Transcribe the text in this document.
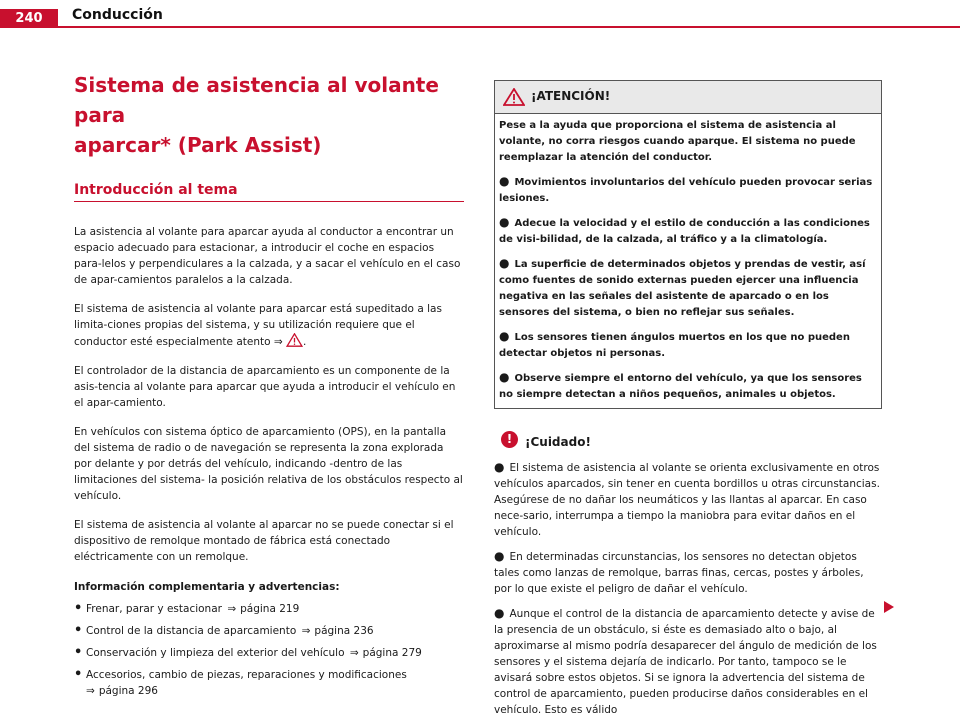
240	Conducción
Sistema de asistencia al volante para
aparcar* (Park Assist)
Introducción al tema

La asistencia al volante para aparcar ayuda al conductor a encontrar un espacio adecuado para estacionar, a introducir el coche en espacios para-lelos y perpendiculares a la calzada, y a sacar el vehículo en el caso de apar-camientos paralelos a la calzada.

El sistema de asistencia al volante para aparcar está supeditado a las limita-ciones propias del sistema, y su utilización requiere que el conductor esté especialmente atento ⇒ .

El controlador de la distancia de aparcamiento es un componente de la asis-tencia al volante para aparcar que ayuda a introducir el vehículo en el apar-camiento.

En vehículos con sistema óptico de aparcamiento (OPS), en la pantalla del sistema de radio o de navegación se representa la zona explorada por delante y por detrás del vehículo, indicando -dentro de las limitaciones del sistema- la posición relativa de los obstáculos respecto al vehículo.

El sistema de asistencia al volante al aparcar no se puede conectar si el dispositivo de remolque montado de fábrica está conectado eléctricamente con un remolque.

Información complementaria y advertencias:

• Frenar, parar y estacionar ⇒ página 219
• Control de la distancia de aparcamiento ⇒ página 236
• Conservación y limpieza del exterior del vehículo ⇒ página 279
• Accesorios, cambio de piezas, reparaciones y modificaciones
⇒ página 296
¡ATENCIÓN!

Pese a la ayuda que proporciona el sistema de asistencia al volante, no corra riesgos cuando aparque. El sistema no puede reemplazar la atención del conductor.

● Movimientos involuntarios del vehículo pueden provocar serias lesiones.

● Adecue la velocidad y el estilo de conducción a las condiciones de visi-bilidad, de la calzada, al tráfico y a la climatología.

● La superficie de determinados objetos y prendas de vestir, así como fuentes de sonido externas pueden ejercer una influencia negativa en las señales del asistente de aparcado o en los sensores del sistema, o bien no reflejar sus señales.

● Los sensores tienen ángulos muertos en los que no pueden detectar objetos ni personas.

● Observe siempre el entorno del vehículo, ya que los sensores no siempre detectan a niños pequeños, animales u objetos.

!	¡Cuidado!

● El sistema de asistencia al volante se orienta exclusivamente en otros vehículos aparcados, sin tener en cuenta bordillos u otras circunstancias. Asegúrese de no dañar los neumáticos y las llantas al aparcar. En caso nece-sario, interrumpa a tiempo la maniobra para evitar daños en el vehículo.

● En determinadas circunstancias, los sensores no detectan objetos tales como lanzas de remolque, barras finas, cercas, postes y árboles, por lo que existe el peligro de dañar el vehículo.

● Aunque el control de la distancia de aparcamiento detecte y avise de la presencia de un obstáculo, si éste es demasiado alto o bajo, al aproximarse al mismo podría desaparecer del ángulo de medición de los sensores y el sistema dejaría de indicarlo. Por tanto, tampoco se le avisará sobre estos objetos. Si se ignora la advertencia del sistema de control de aparcamiento, pueden producirse daños considerables en el vehículo. Esto es válido
